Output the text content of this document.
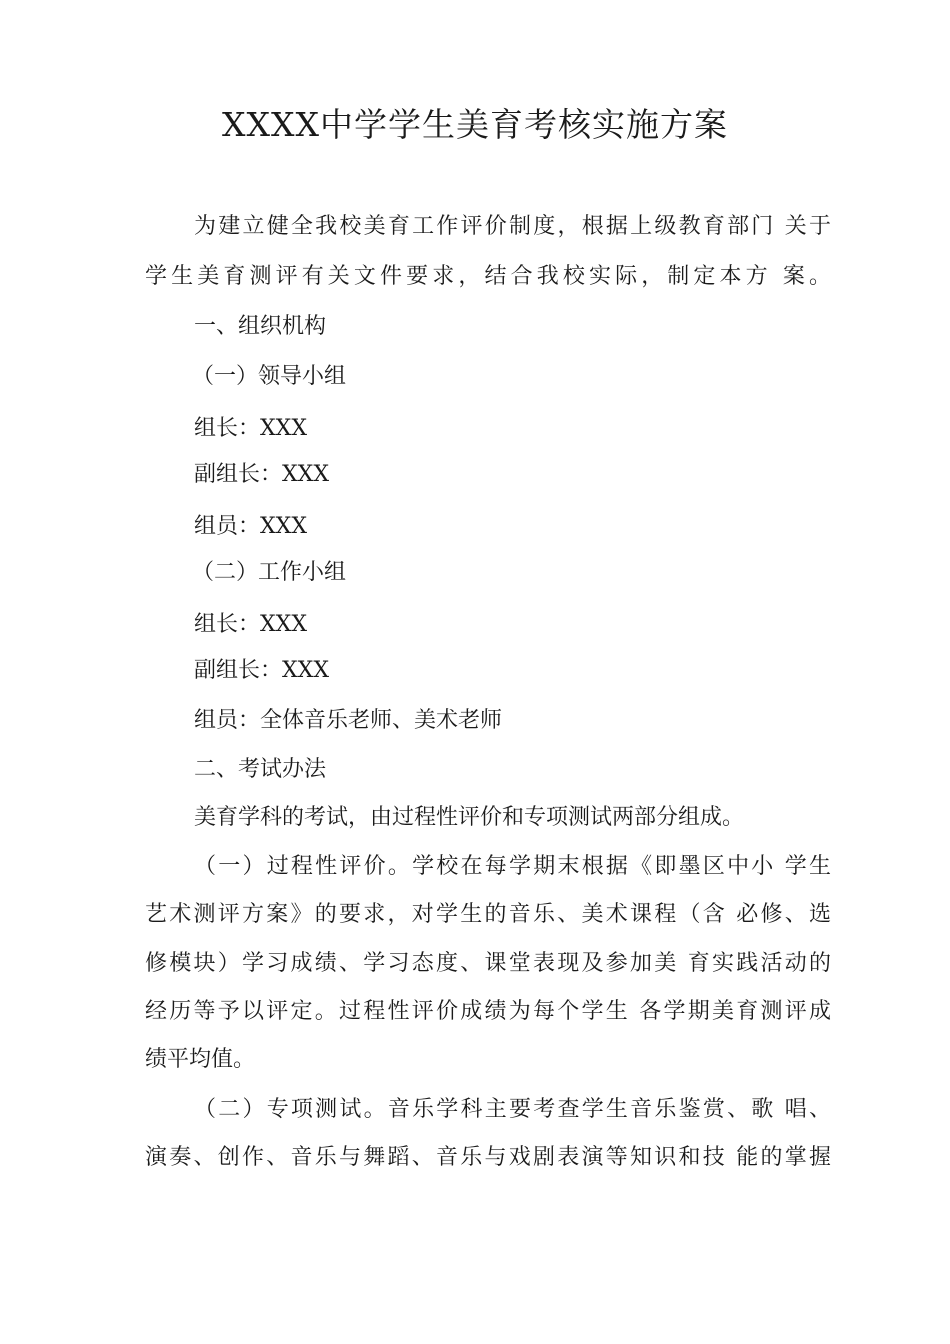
XXXX中学学生美育考核实施方案
为建立健全我校美育工作评价制度，根据上级教育部门 关于
学生美育测评有关文件要求，结合我校实际，制定本方 案。
一、组织机构
（一）领导小组
组长：XXX
副组长：XXX
组员：XXX
（二）工作小组
组长：XXX
副组长：XXX
组员：全体音乐老师、美术老师
二、考试办法
美育学科的考试，由过程性评价和专项测试两部分组成。
（一）过程性评价。学校在每学期末根据《即墨区中小 学生
艺术测评方案》的要求，对学生的音乐、美术课程（含 必修、选
修模块）学习成绩、学习态度、课堂表现及参加美 育实践活动的
经历等予以评定。过程性评价成绩为每个学生 各学期美育测评成
绩平均值。
（二）专项测试。音乐学科主要考查学生音乐鉴赏、歌 唱、
演奏、创作、音乐与舞蹈、音乐与戏剧表演等知识和技 能的掌握
